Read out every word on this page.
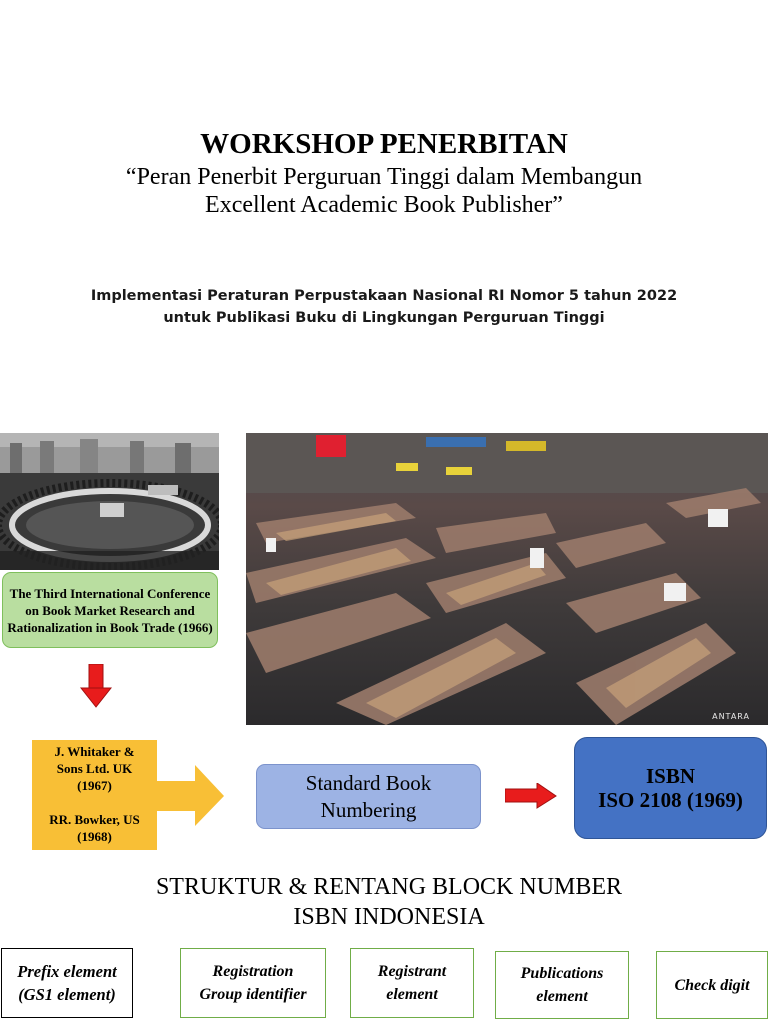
WORKSHOP PENERBITAN
“Peran Penerbit Perguruan Tinggi dalam Membangun
Excellent Academic Book Publisher”
Implementasi Peraturan Perpustakaan Nasional RI Nomor 5 tahun 2022
untuk Publikasi Buku di Lingkungan Perguruan Tinggi
ANTARA
The Third International Conference on Book Market Research and Rationalization in Book Trade (1966)
J. Whitaker & Sons Ltd. UK (1967)
RR. Bowker, US (1968)
Standard Book
Numbering
ISBN
ISO 2108 (1969)
STRUKTUR & RENTANG BLOCK NUMBER
ISBN INDONESIA
Prefix element
(GS1 element)
Registration
Group identifier
Registrant
element
Publications
element
Check digit
